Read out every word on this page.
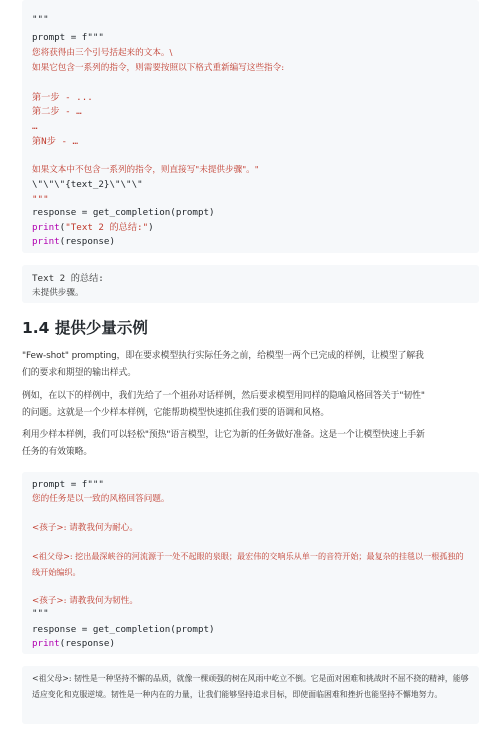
"""
prompt = f"""
您将获得由三个引号括起来的文本。\
如果它包含一系列的指令，则需要按照以下格式重新编写这些指令:
第一步 - ...
第二步 - …
…
第N步 - …
如果文本中不包含一系列的指令，则直接写"未提供步骤"。"
\"\"\"{text_2}\"\"\"
"""
response = get_completion(prompt)
print("Text 2 的总结:")
print(response)
Text 2 的总结:
未提供步骤。
1.4 提供少量示例
"Few-shot" prompting，即在要求模型执行实际任务之前，给模型一两个已完成的样例，让模型了解我
们的要求和期望的输出样式。
例如，在以下的样例中，我们先给了一个祖孙对话样例，然后要求模型用同样的隐喻风格回答关于"韧性"
的问题。这就是一个少样本样例，它能帮助模型快速抓住我们要的语调和风格。
利用少样本样例，我们可以轻松"预热"语言模型，让它为新的任务做好准备。这是一个让模型快速上手新
任务的有效策略。
prompt = f"""
您的任务是以一致的风格回答问题。
<孩子>: 请教我何为耐心。
<祖父母>: 挖出最深峡谷的河流源于一处不起眼的泉眼；最宏伟的交响乐从单一的音符开始；最复杂的挂毯以一根孤独的线开始编织。
<孩子>: 请教我何为韧性。
"""
response = get_completion(prompt)
print(response)
<祖父母>: 韧性是一种坚持不懈的品质，就像一棵顽强的树在风雨中屹立不倒。它是面对困难和挑战时不屈不挠的精神，能够适应变化和克服逆境。韧性是一种内在的力量，让我们能够坚持追求目标，即使面临困难和挫折也能坚持不懈地努力。
